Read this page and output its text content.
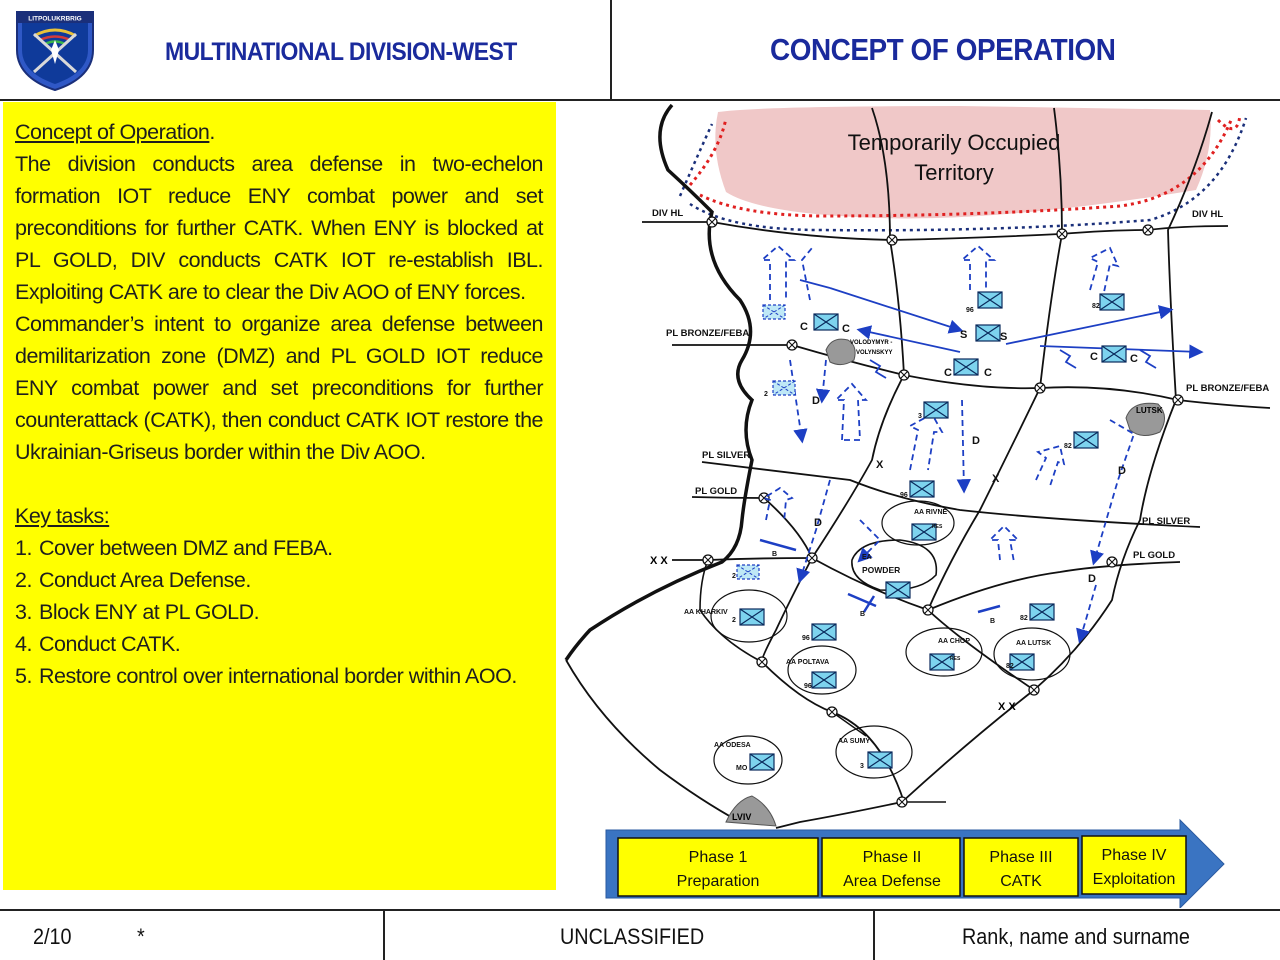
LITPOLUKRBRIG
MULTINATIONAL DIVISION-WEST	CONCEPT OF OPERATION

Concept of Operation.

The division conducts area defense in two-echelon formation IOT reduce ENY combat power and set preconditions for further CATK. When ENY is blocked at PL GOLD, DIV conducts CATK IOT re-establish IBL. Exploiting CATK are to clear the Div AOO of ENY forces.

Commander’s intent to organize area defense between demilitarization zone (DMZ) and PL GOLD IOT reduce ENY combat power and set preconditions for further counterattack (CATK), then conduct CATK IOT restore the Ukrainian-Griseus border within the Div AOO.

Key tasks:

1. Cover between DMZ and FEBA.
2. Conduct Area Defense.
3. Block ENY at PL GOLD.
4. Conduct CATK.
5. Restore control over international border within AOO.
Temporarily Occupied
Territory
VOLODYMYR -
VOLYNSKYY
LUTSK
LVIV
DIV HL	DIV HL
PL BRONZE/FEBA
PL BRONZE/FEBA
PL SILVER
PL SILVER
PL GOLD
PL GOLD
X X
X X
AA RIVNE
EA
POWDER
AA KHARKIV
AA POLTAVA
AA CHOP	AA LUTSK
AA ODESA
AA SUMY
96
96
96
96
82
82
82
82
3
3
2
2
2
RES
RES
MO
C	C
C	C
C	C
S	S
D
D
D
D
D
X
X
B
B
B
Phase 1
Preparation
Phase II
Area Defense
Phase III
CATK
Phase IV
Exploitation
2/10	*	UNCLASSIFIED	Rank, name and surname
